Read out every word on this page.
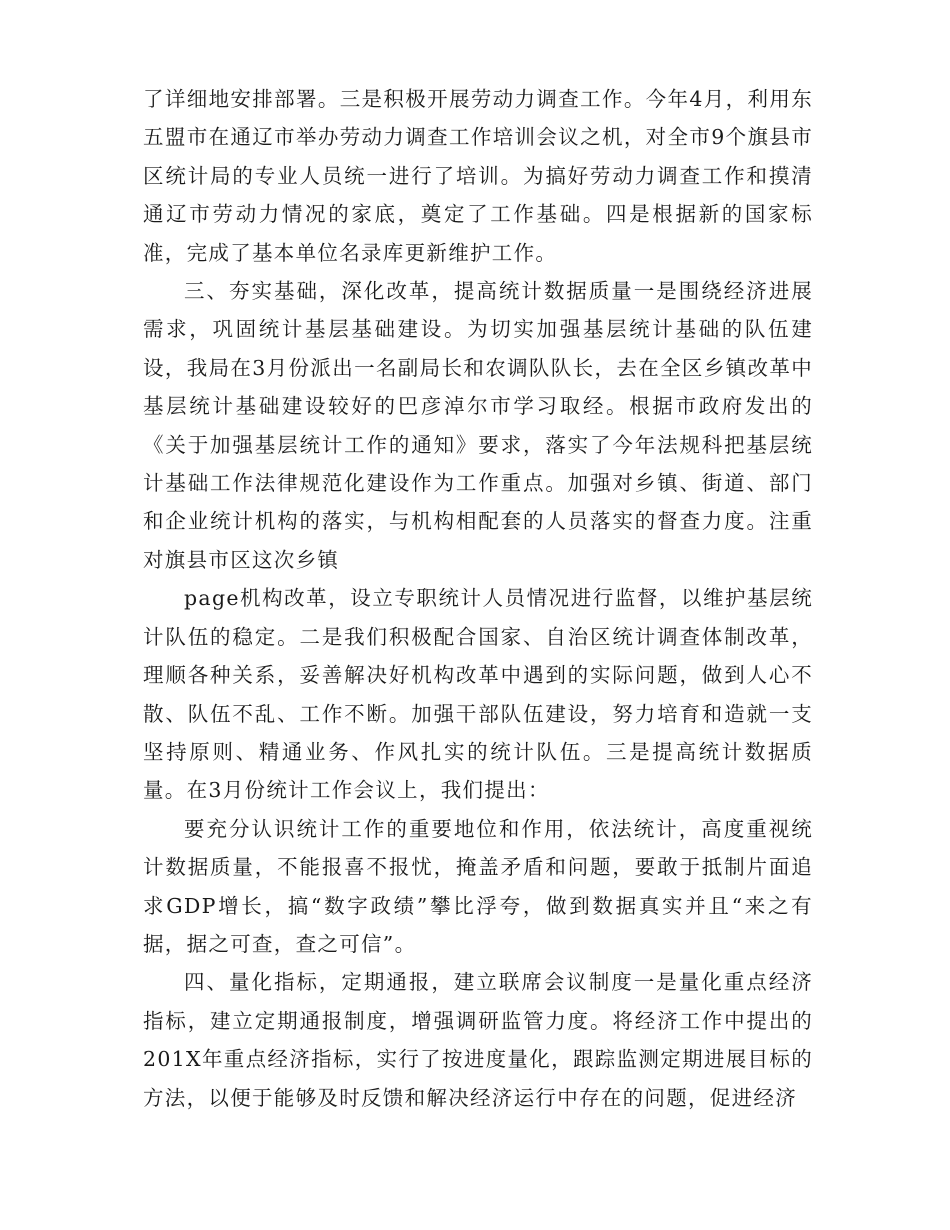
了详细地安排部署。三是积极开展劳动力调查工作。今年4月，利用东五盟市在通辽市举办劳动力调查工作培训会议之机，对全市9个旗县市区统计局的专业人员统一进行了培训。为搞好劳动力调查工作和摸清通辽市劳动力情况的家底，奠定了工作基础。四是根据新的国家标准，完成了基本单位名录库更新维护工作。

三、夯实基础，深化改革，提高统计数据质量一是围绕经济进展需求，巩固统计基层基础建设。为切实加强基层统计基础的队伍建设，我局在3月份派出一名副局长和农调队队长，去在全区乡镇改革中基层统计基础建设较好的巴彦淖尔市学习取经。根据市政府发出的《关于加强基层统计工作的通知》要求，落实了今年法规科把基层统计基础工作法律规范化建设作为工作重点。加强对乡镇、街道、部门和企业统计机构的落实，与机构相配套的人员落实的督查力度。注重对旗县市区这次乡镇

page机构改革，设立专职统计人员情况进行监督，以维护基层统计队伍的稳定。二是我们积极配合国家、自治区统计调查体制改革，理顺各种关系，妥善解决好机构改革中遇到的实际问题，做到人心不散、队伍不乱、工作不断。加强干部队伍建设，努力培育和造就一支坚持原则、精通业务、作风扎实的统计队伍。三是提高统计数据质量。在3月份统计工作会议上，我们提出：

要充分认识统计工作的重要地位和作用，依法统计，高度重视统计数据质量，不能报喜不报忧，掩盖矛盾和问题，要敢于抵制片面追求GDP增长，搞“数字政绩”攀比浮夸，做到数据真实并且“来之有据，据之可查，查之可信”。

四、量化指标，定期通报，建立联席会议制度一是量化重点经济指标，建立定期通报制度，增强调研监管力度。将经济工作中提出的201X年重点经济指标，实行了按进度量化，跟踪监测定期进展目标的方法，以便于能够及时反馈和解决经济运行中存在的问题，促进经济
